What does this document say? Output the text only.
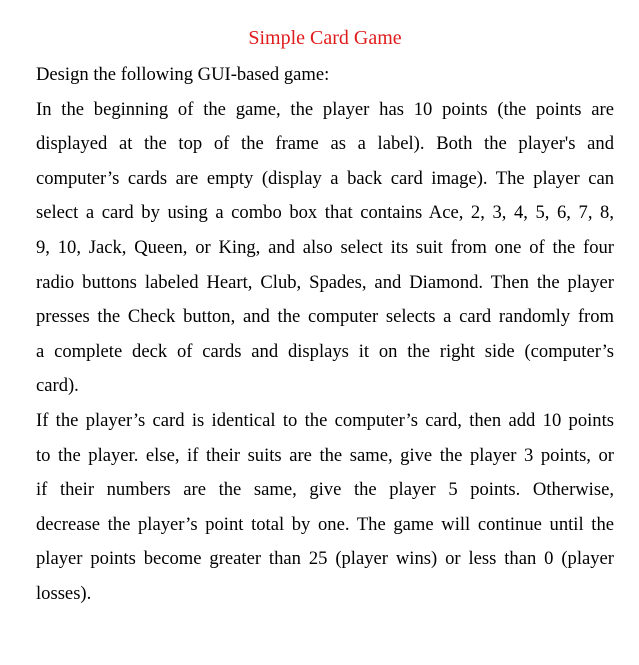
Simple Card Game
Design the following GUI-based game:
In the beginning of the game, the player has 10 points (the points are
displayed at the top of the frame as a label). Both the player's and
computer’s cards are empty (display a back card image). The player can
select a card by using a combo box that contains Ace, 2, 3, 4, 5, 6, 7, 8,
9, 10, Jack, Queen, or King, and also select its suit from one of the four
radio buttons labeled Heart, Club, Spades, and Diamond. Then the player
presses the Check button, and the computer selects a card randomly from
a complete deck of cards and displays it on the right side (computer’s
card).
If the player’s card is identical to the computer’s card, then add 10 points
to the player. else, if their suits are the same, give the player 3 points, or
if their numbers are the same, give the player 5 points. Otherwise,
decrease the player’s point total by one. The game will continue until the
player points become greater than 25 (player wins) or less than 0 (player
losses).
